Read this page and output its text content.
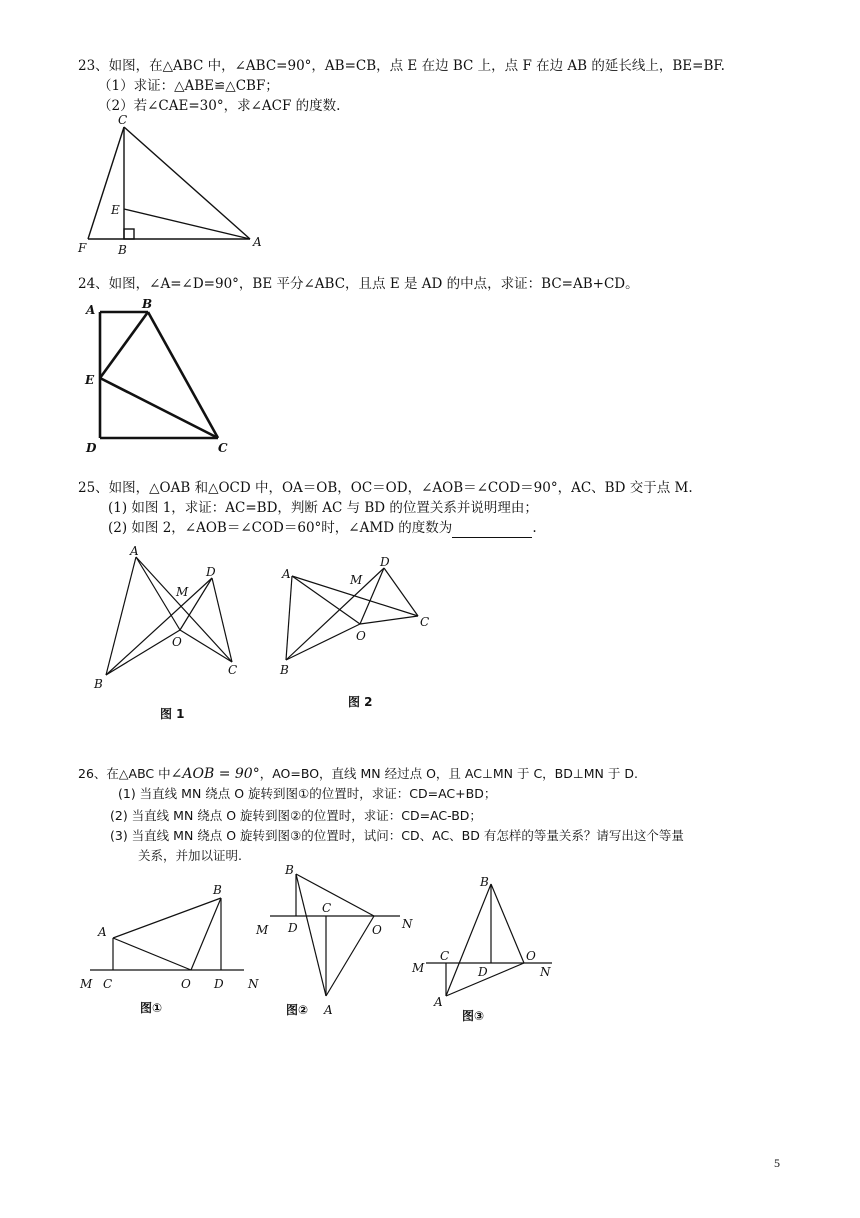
23、如图，在△ABC 中，∠ABC=90°，AB=CB，点 E 在边 BC 上，点 F 在边 AB 的延长线上，BE=BF.
（1）求证：△ABE≌△CBF；
（2）若∠CAE=30°，求∠ACF 的度数.
C
E
F	B
A
24、如图，∠A=∠D=90°，BE 平分∠ABC，且点 E 是 AD 的中点，求证：BC=AB+CD。
A	B
E
D	C
25、如图，△OAB 和△OCD 中，OA＝OB，OC＝OD，∠AOB＝∠COD＝90°，AC、BD 交于点 M.
(1) 如图 1，求证：AC=BD，判断 AC 与 BD 的位置关系并说明理由；
(2) 如图 2，∠AOB＝∠COD＝60°时，∠AMD 的度数为	.
A
M
D
O
B
C
图 1
A	M
D
O
B
C
图 2
26、在△ABC 中∠AOB = 90°，AO=BO，直线 MN 经过点 O，且 AC⊥MN 于 C，BD⊥MN 于 D.
(1) 当直线 MN 绕点 O 旋转到图①的位置时，求证：CD=AC+BD；
(2) 当直线 MN 绕点 O 旋转到图②的位置时，求证：CD=AC-BD；
(3) 当直线 MN 绕点 O 旋转到图③的位置时，试问：CD、AC、BD 有怎样的等量关系？请写出这个等量
关系，并加以证明.
A
B
C	O D
M	N
图①
B
C
D	O
M	N
A
图②
B
C
D
O
M	N
A
图③
5
